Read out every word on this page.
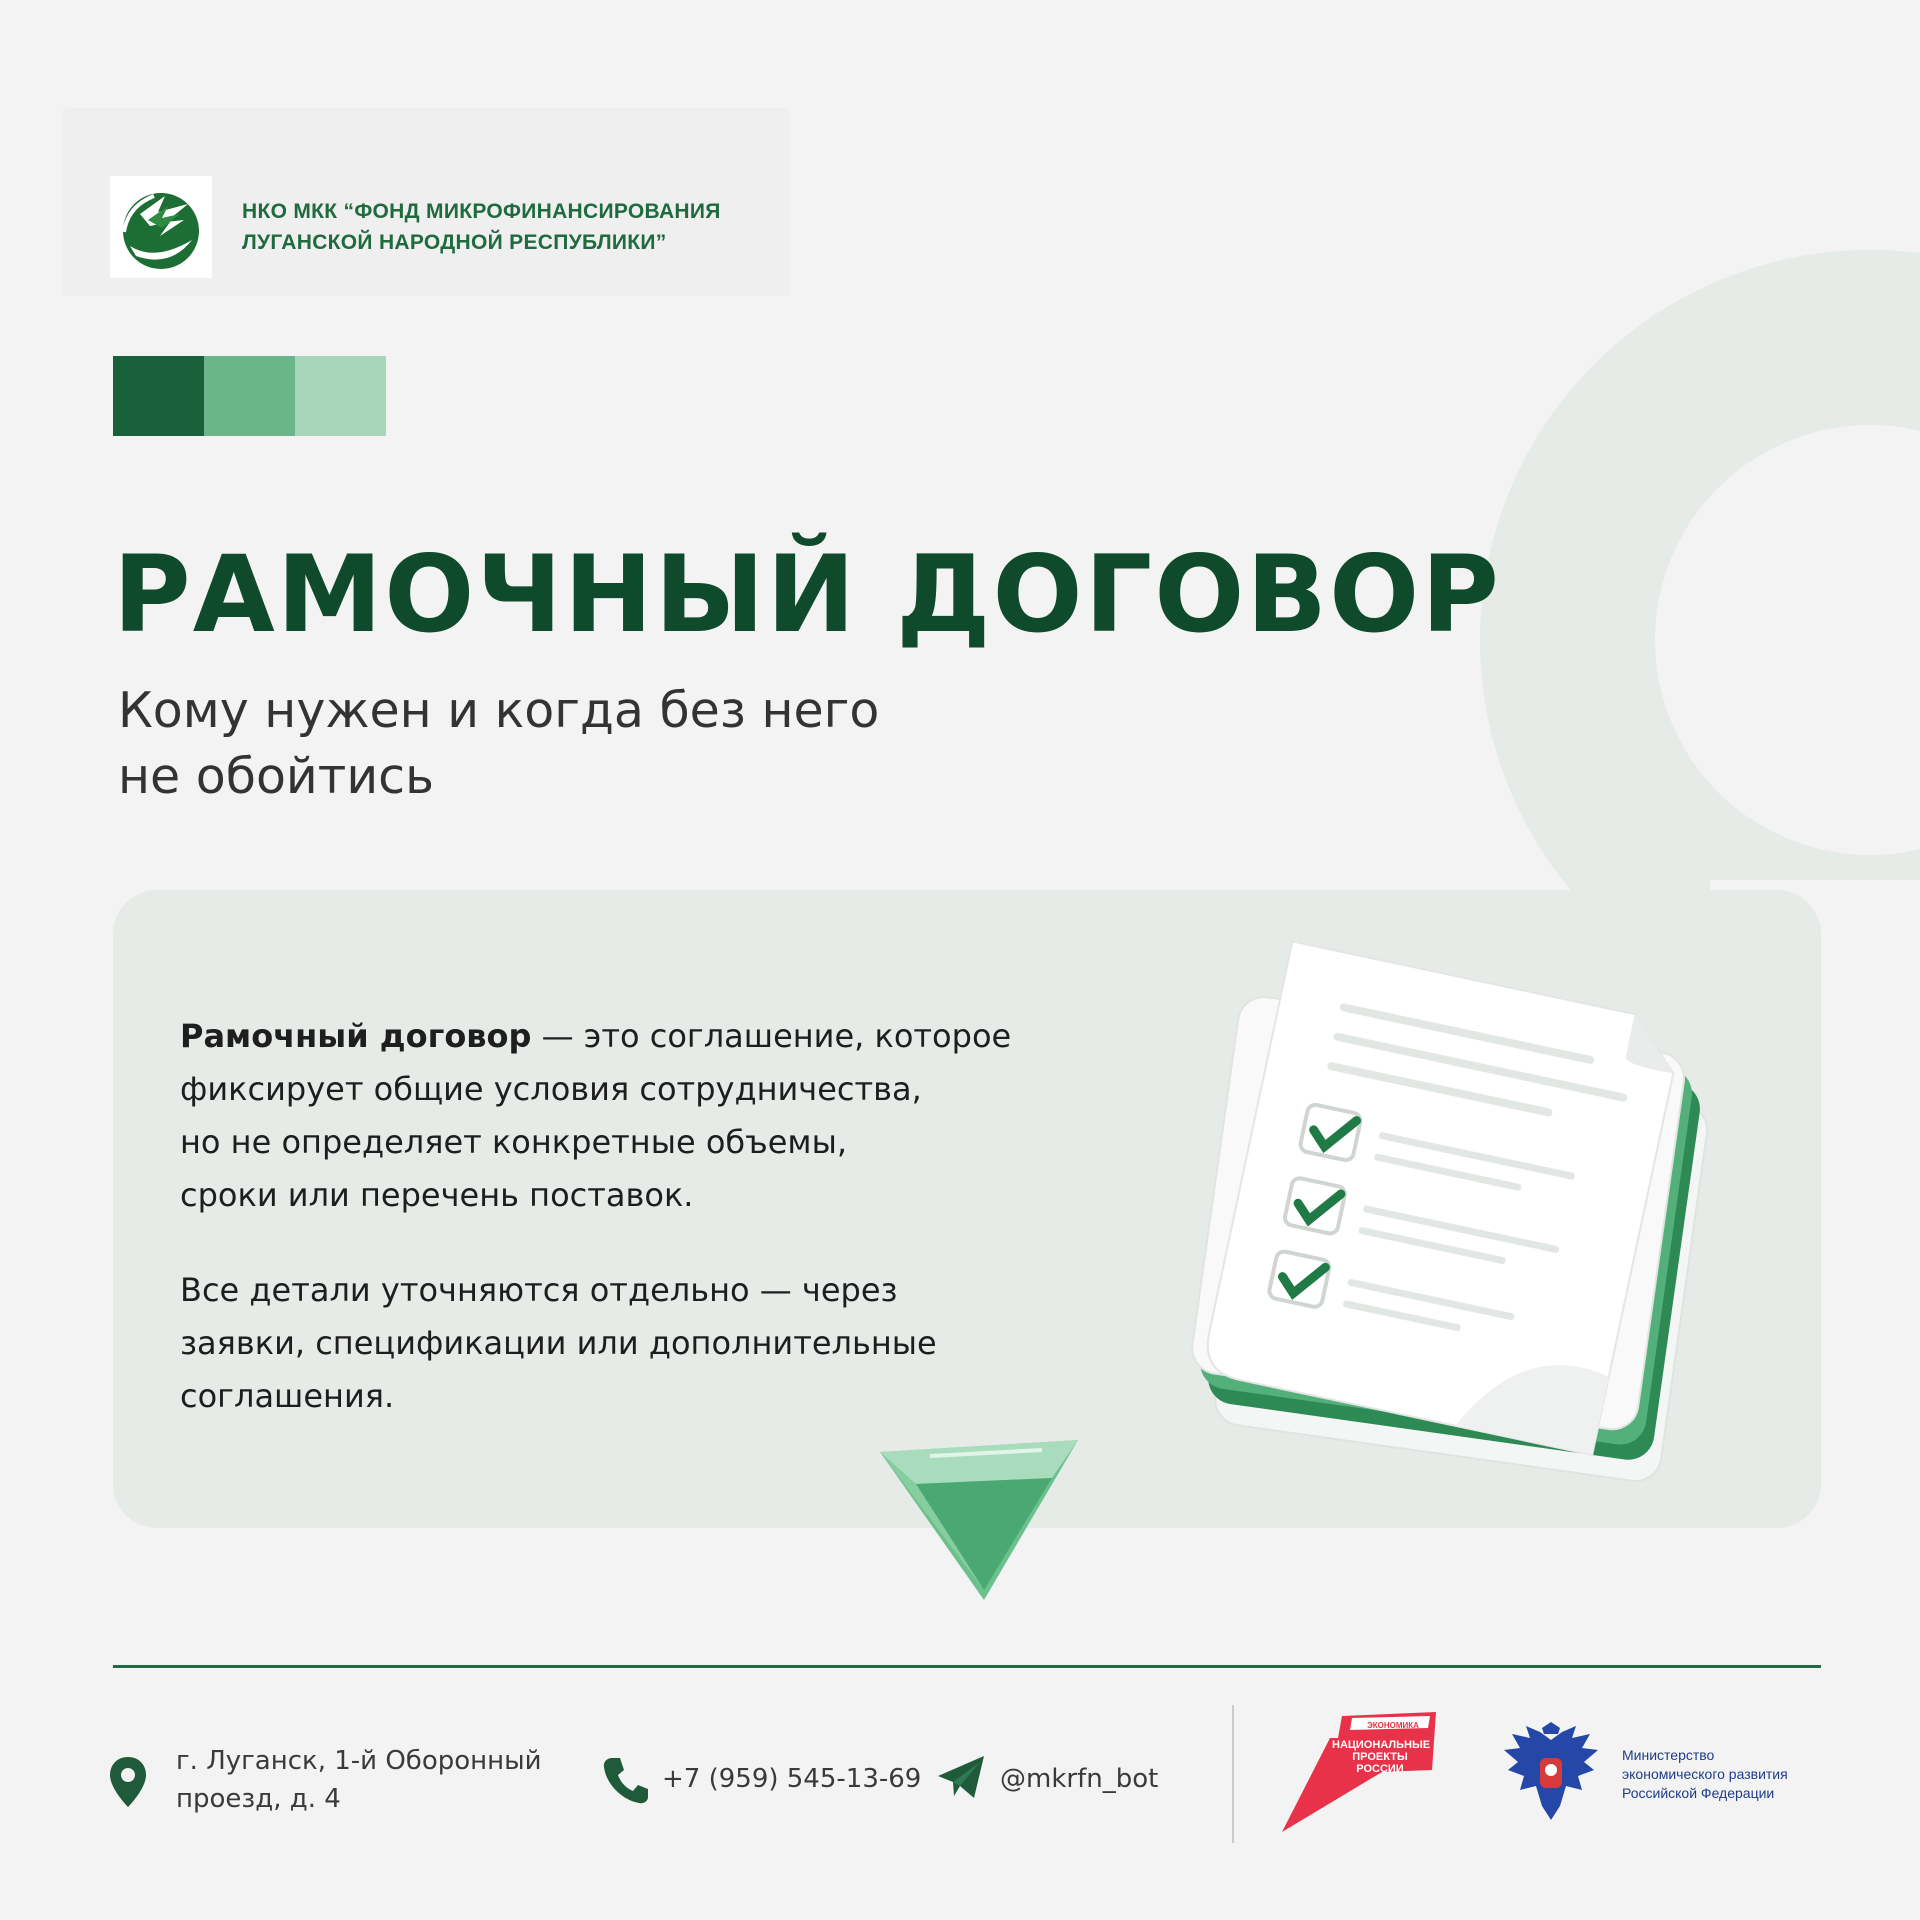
НКО МКК “ФОНД МИКРОФИНАНСИРОВАНИЯ
ЛУГАНСКОЙ НАРОДНОЙ РЕСПУБЛИКИ”
РАМОЧНЫЙ ДОГОВОР
Кому нужен и когда без него
не обойтись
Рамочный договор — это соглашение, которое
фиксирует общие условия сотрудничества,
но не определяет конкретные объемы,
сроки или перечень поставок.
Все детали уточняются отдельно — через
заявки, спецификации или дополнительные
соглашения.
г. Луганск, 1-й Оборонный
проезд, д. 4
+7 (959) 545-13-69	@mkrfn_bot
ЭКОНОМИКА
НАЦИОНАЛЬНЫЕ
ПРОЕКТЫ
РОССИИ
Министерство
экономического развития
Российской Федерации
